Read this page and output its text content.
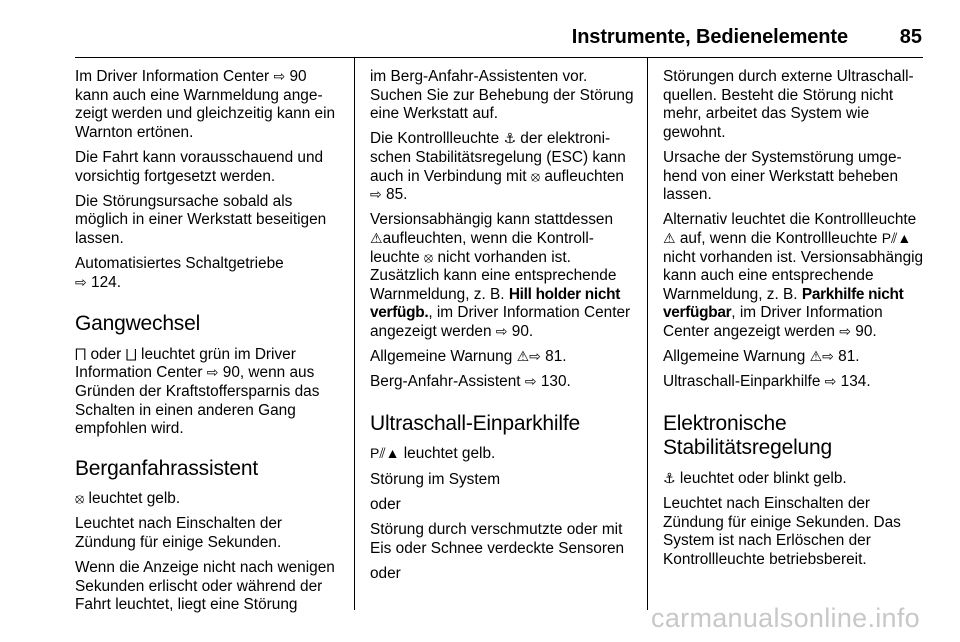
Instrumente, Bedienelemente	85

Im Driver Information Center ⇨ 90 kann auch eine Warnmeldung angezeigt werden und gleichzeitig kann ein Warnton ertönen.

Die Fahrt kann vorausschauend und vorsichtig fortgesetzt werden.

Die Störungsursache sobald als möglich in einer Werkstatt beseitigen lassen.

Automatisiertes Schaltgetriebe
⇨ 124.

Gangwechsel

⨅ oder ⨆ leuchtet grün im Driver Information Center ⇨ 90, wenn aus Gründen der Kraftstoffersparnis das Schalten in einen anderen Gang empfohlen wird.

Berganfahrassistent

⦻ leuchtet gelb.

Leuchtet nach Einschalten der Zündung für einige Sekunden.

Wenn die Anzeige nicht nach wenigen Sekunden erlischt oder während der Fahrt leuchtet, liegt eine Störung

im Berg-Anfahr-Assistenten vor. Suchen Sie zur Behebung der Störung eine Werkstatt auf.

Die Kontrollleuchte ⚓ der elektronischen Stabilitätsregelung (ESC) kann auch in Verbindung mit ⦻ aufleuchten ⇨ 85.

Versionsabhängig kann stattdessen
⚠aufleuchten, wenn die Kontrollleuchte ⦻ nicht vorhanden ist. Zusätzlich kann eine entsprechende Warnmeldung, z. B. Hill holder nicht verfügb., im Driver Information Center angezeigt werden ⇨ 90.

Allgemeine Warnung ⚠⇨ 81.

Berg-Anfahr-Assistent ⇨ 130.

Ultraschall-Einparkhilfe

P⫽▲ leuchtet gelb.

Störung im System

oder

Störung durch verschmutzte oder mit Eis oder Schnee verdeckte Sensoren

oder

Störungen durch externe Ultraschallquellen. Besteht die Störung nicht mehr, arbeitet das System wie gewohnt.

Ursache der Systemstörung umgehend von einer Werkstatt beheben lassen.

Alternativ leuchtet die Kontrollleuchte
⚠ auf, wenn die Kontrollleuchte P⫽▲ nicht vorhanden ist. Versionsabhängig kann auch eine entsprechende Warnmeldung, z. B. Parkhilfe nicht verfügbar, im Driver Information Center angezeigt werden ⇨ 90.

Allgemeine Warnung ⚠⇨ 81.

Ultraschall-Einparkhilfe ⇨ 134.

Elektronische Stabilitätsregelung

⚓ leuchtet oder blinkt gelb.

Leuchtet nach Einschalten der Zündung für einige Sekunden. Das System ist nach Erlöschen der Kontrollleuchte betriebsbereit.

carmanualsonline.info
